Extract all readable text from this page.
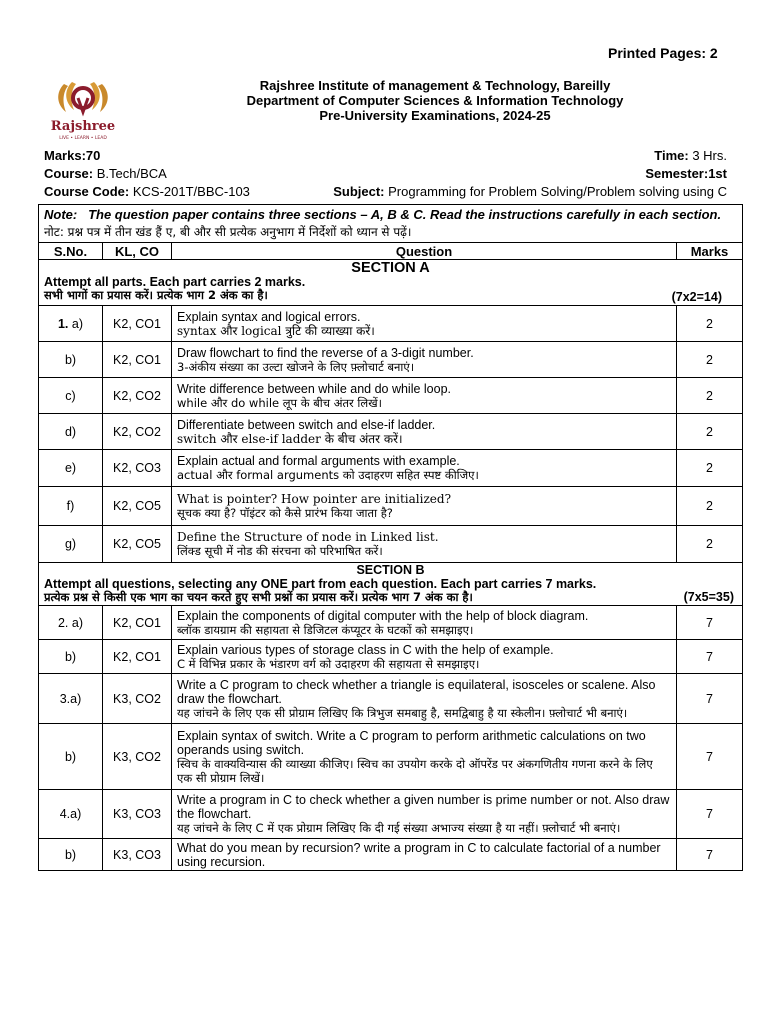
Printed Pages: 2
Rajshree
LIVE • LEARN • LEAD
Rajshree Institute of management & Technology, Bareilly
Department of Computer Sciences & Information Technology
Pre-University Examinations, 2024-25
Marks:70	Time: 3 Hrs.
Course: B.Tech/BCA	Semester:1st
Course Code: KCS-201T/BBC-103	Subject: Programming for Problem Solving/Problem solving using C
Note: The question paper contains three sections – A, B & C. Read the instructions carefully in each section.
नोट: प्रश्न पत्र में तीन खंड हैं ए, बी और सी प्रत्येक अनुभाग में निर्देशों को ध्यान से पढ़ें।			
S.No.	KL, CO	Question	Marks

SECTION A
Attempt all parts. Each part carries 2 marks.
सभी भागों का प्रयास करें। प्रत्येक भाग 2 अंक का है। (7x2=14)			

1. a)	K2, CO1	Explain syntax and logical errors.
syntax और logical त्रुटि की व्याख्या करें।	2
b)	K2, CO1	Draw flowchart to find the reverse of a 3-digit number.
3-अंकीय संख्या का उल्टा खोजने के लिए फ़्लोचार्ट बनाएं।	2
c)	K2, CO2	Write difference between while and do while loop.
while और do while लूप के बीच अंतर लिखें।	2
d)	K2, CO2	Differentiate between switch and else-if ladder.
switch और else-if ladder के बीच अंतर करें।	2
e)	K2, CO3	Explain actual and formal arguments with example.
actual और formal arguments को उदाहरण सहित स्पष्ट कीजिए।	2
f)	K2, CO5	What is pointer? How pointer are initialized?
सूचक क्या है? पॉइंटर को कैसे प्रारंभ किया जाता है?	2
g)	K2, CO5	Define the Structure of node in Linked list.
लिंक्ड सूची में नोड की संरचना को परिभाषित करें।	2

SECTION B
Attempt all questions, selecting any ONE part from each question. Each part carries 7 marks.
प्रत्येक प्रश्न से किसी एक भाग का चयन करते हुए सभी प्रश्नों का प्रयास करें। प्रत्येक भाग 7 अंक का है। (7x5=35)			

2. a)	K2, CO1	Explain the components of digital computer with the help of block diagram.
ब्लॉक डायग्राम की सहायता से डिजिटल कंप्यूटर के घटकों को समझाइए।	7
b)	K2, CO1	Explain various types of storage class in C with the help of example.
C में विभिन्न प्रकार के भंडारण वर्ग को उदाहरण की सहायता से समझाइए।	7
3.a)	K3, CO2	Write a C program to check whether a triangle is equilateral, isosceles or scalene. Also draw the flowchart.
यह जांचने के लिए एक सी प्रोग्राम लिखिए कि त्रिभुज समबाहु है, समद्विबाहु है या स्केलीन। फ़्लोचार्ट भी बनाएं।	7
b)	K3, CO2	Explain syntax of switch. Write a C program to perform arithmetic calculations on two operands using switch.
स्विच के वाक्यविन्यास की व्याख्या कीजिए। स्विच का उपयोग करके दो ऑपरेंड पर अंकगणितीय गणना करने के लिए एक सी प्रोग्राम लिखें।	7
4.a)	K3, CO3	Write a program in C to check whether a given number is prime number or not. Also draw the flowchart.
यह जांचने के लिए C में एक प्रोग्राम लिखिए कि दी गई संख्या अभाज्य संख्या है या नहीं। फ़्लोचार्ट भी बनाएं।	7
b)	K3, CO3	What do you mean by recursion? write a program in C to calculate factorial of a number using recursion.	7
